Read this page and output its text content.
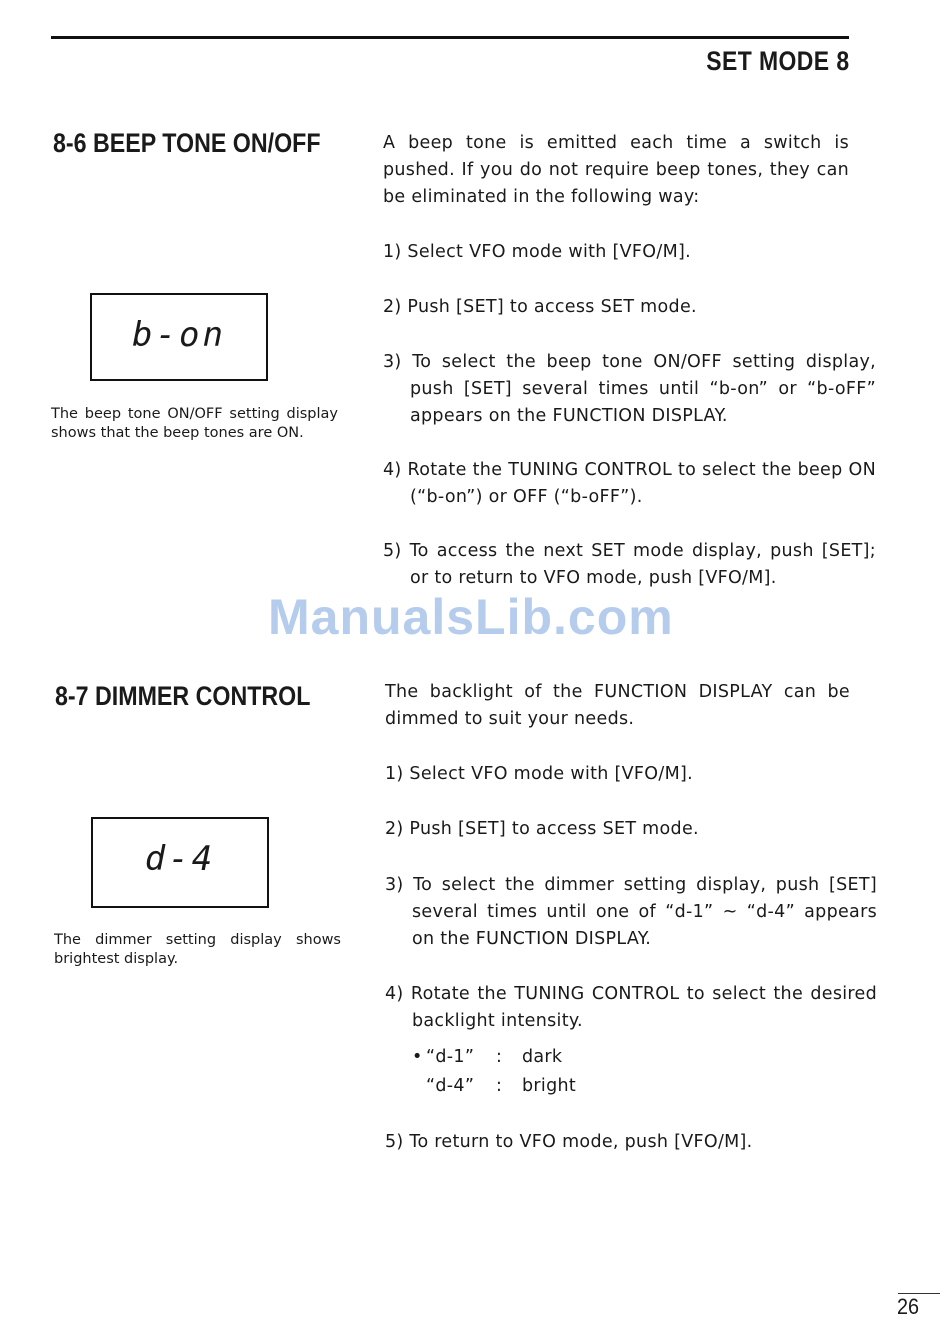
SET MODE 8
8-6 BEEP TONE ON/OFF
b-on

The beep tone ON/OFF setting display shows that the beep tones are ON.

A beep tone is emitted each time a switch is pushed. If you do not require beep tones, they can be eliminated in the following way:

1) Select VFO mode with [VFO/M].

2) Push [SET] to access SET mode.

3) To select the beep tone ON/OFF setting display, push [SET] several times until “b-on” or “b-oFF” appears on the FUNCTION DISPLAY.

4) Rotate the TUNING CONTROL to select the beep ON (“b-on”) or OFF (“b-oFF”).

5) To access the next SET mode display, push [SET]; or to return to VFO mode, push [VFO/M].

ManualsLib.com
8-7 DIMMER CONTROL
d-4

The dimmer setting display shows brightest display.

The backlight of the FUNCTION DISPLAY can be dimmed to suit your needs.

1) Select VFO mode with [VFO/M].

2) Push [SET] to access SET mode.

3) To select the dimmer setting display, push [SET] several times until one of “d-1” ~ “d-4” appears on the FUNCTION DISPLAY.

4) Rotate the TUNING CONTROL to select the desired backlight intensity.

• “d-1” : dark
“d-4” : bright

5) To return to VFO mode, push [VFO/M].

26
